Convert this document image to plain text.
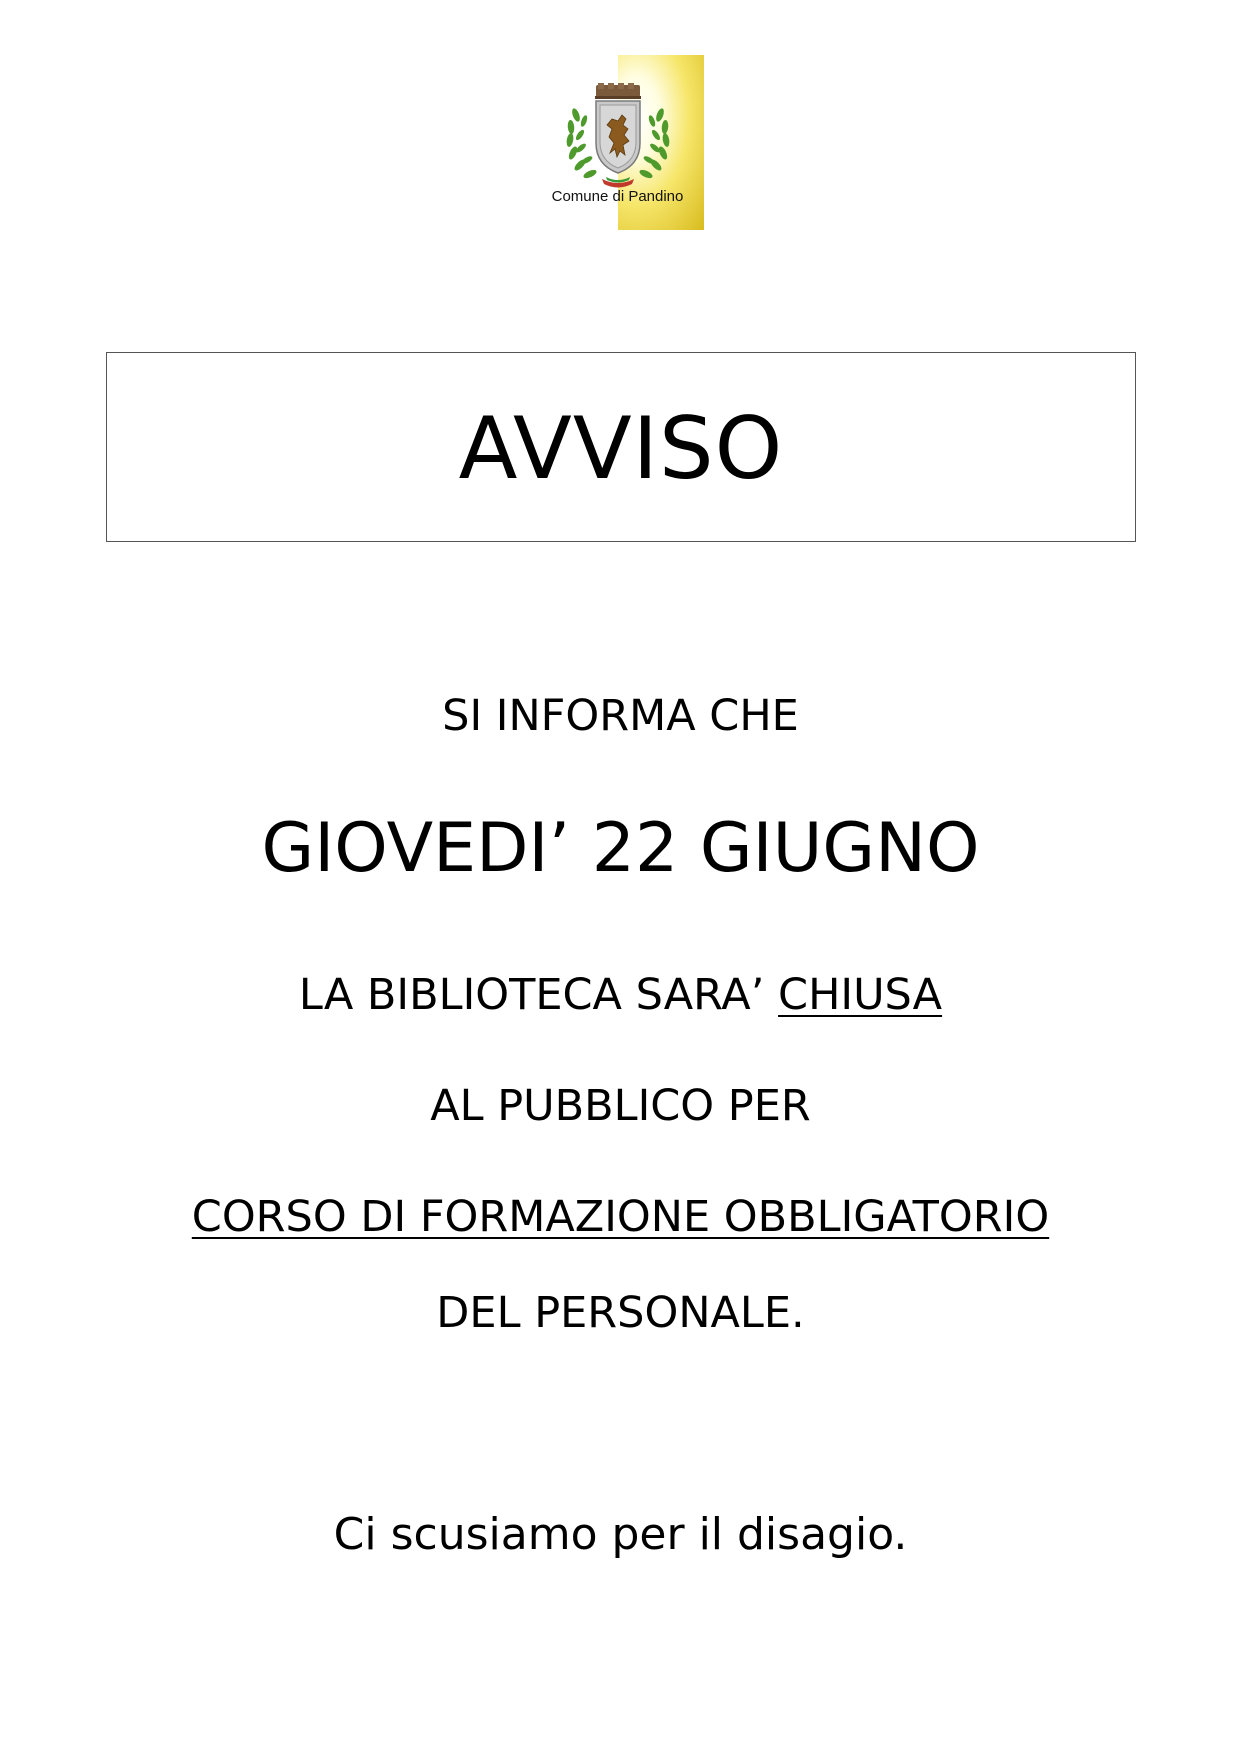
Comune di Pandino
AVVISO
SI INFORMA CHE
GIOVEDI’ 22 GIUGNO
LA BIBLIOTECA SARA’ CHIUSA
AL PUBBLICO PER
CORSO DI FORMAZIONE OBBLIGATORIO
DEL PERSONALE.
Ci scusiamo per il disagio.
